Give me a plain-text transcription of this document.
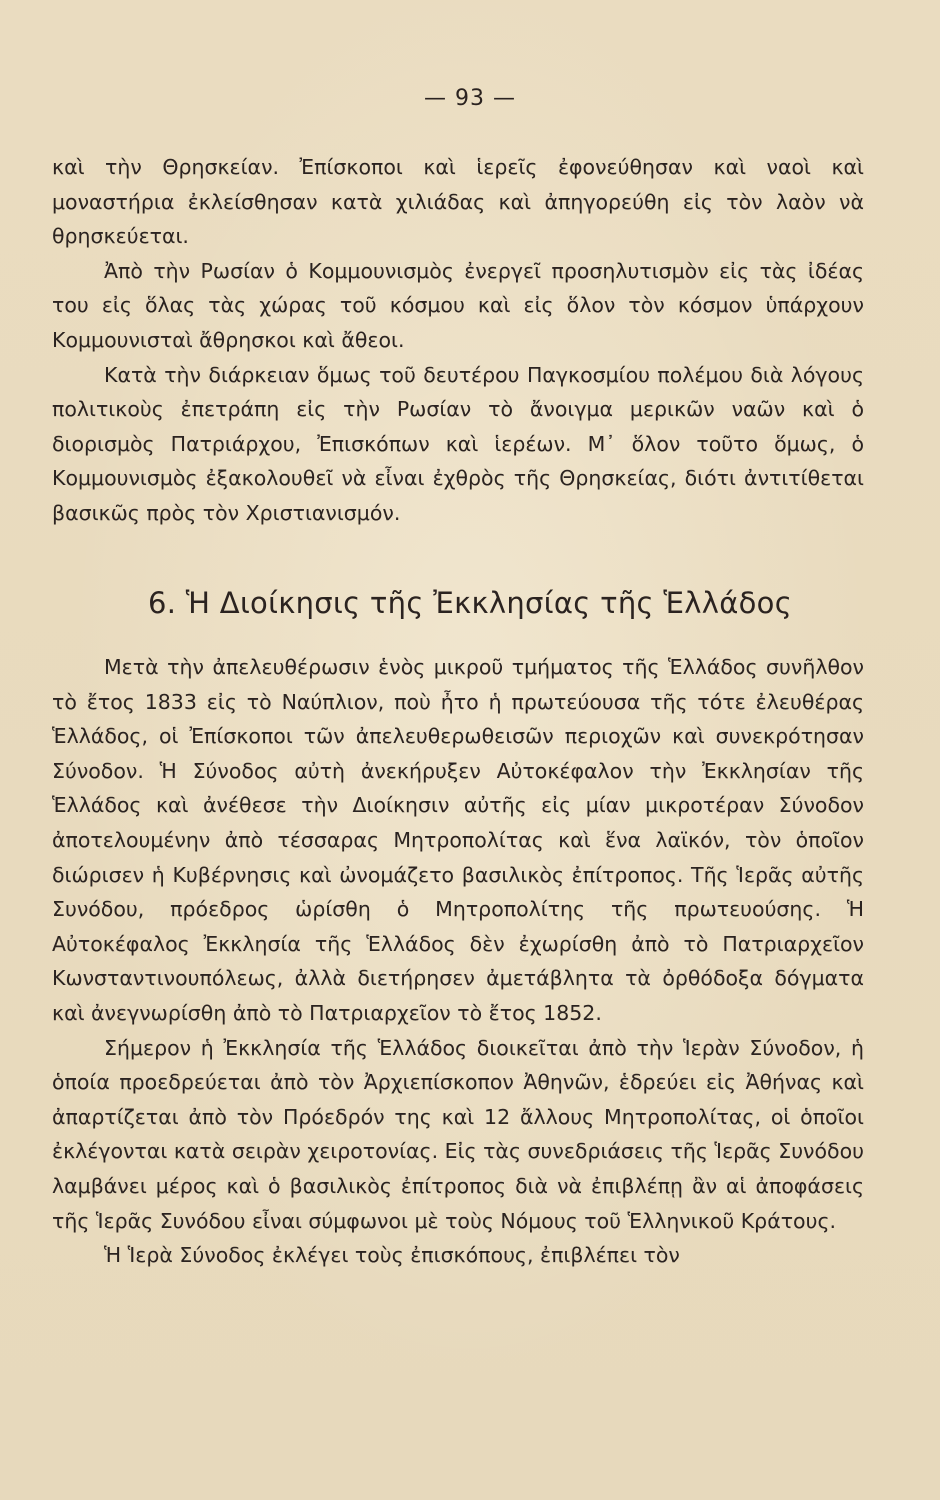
— 93 —

καὶ τὴν Θρησκείαν. Ἐπίσκοποι καὶ ἱερεῖς ἐφονεύθησαν καὶ ναοὶ καὶ μοναστήρια ἐκλείσθησαν κατὰ χιλιάδας καὶ ἀπηγορεύθη εἰς τὸν λαὸν νὰ θρησκεύεται.

Ἀπὸ τὴν Ρωσίαν ὁ Κομμουνισμὸς ἐνεργεῖ προσηλυτισμὸν εἰς τὰς ἰδέας του εἰς ὅλας τὰς χώρας τοῦ κόσμου καὶ εἰς ὅλον τὸν κόσμον ὑπάρχουν Κομμουνισταὶ ἄθρησκοι καὶ ἄθεοι.

Κατὰ τὴν διάρκειαν ὅμως τοῦ δευτέρου Παγκοσμίου πολέμου διὰ λόγους πολιτικοὺς ἐπετράπη εἰς τὴν Ρωσίαν τὸ ἄνοιγμα μερικῶν ναῶν καὶ ὁ διορισμὸς Πατριάρχου, Ἐπισκόπων καὶ ἱερέων. Μ᾿ ὅλον τοῦτο ὅμως, ὁ Κομμουνισμὸς ἐξακολουθεῖ νὰ εἶναι ἐχθρὸς τῆς Θρησκείας, διότι ἀντιτίθεται βασικῶς πρὸς τὸν Χριστιανισμόν.

6. Ἡ Διοίκησις τῆς Ἐκκλησίας τῆς Ἑλλάδος

Μετὰ τὴν ἀπελευθέρωσιν ἑνὸς μικροῦ τμήματος τῆς Ἑλλάδος συνῆλθον τὸ ἔτος 1833 εἰς τὸ Ναύπλιον, ποὺ ἦτο ἡ πρωτεύουσα τῆς τότε ἐλευθέρας Ἑλλάδος, οἱ Ἐπίσκοποι τῶν ἀπελευθερωθεισῶν περιοχῶν καὶ συνεκρότησαν Σύνοδον. Ἡ Σύνοδος αὐτὴ ἀνεκήρυξεν Αὐτοκέφαλον τὴν Ἐκκλησίαν τῆς Ἑλλάδος καὶ ἀνέθεσε τὴν Διοίκησιν αὐτῆς εἰς μίαν μικροτέραν Σύνοδον ἀποτελουμένην ἀπὸ τέσσαρας Μητροπολίτας καὶ ἕνα λαϊκόν, τὸν ὁποῖον διώρισεν ἡ Κυβέρνησις καὶ ὠνομάζετο βασιλικὸς ἐπίτροπος. Τῆς Ἱερᾶς αὐτῆς Συνόδου, πρόεδρος ὡρίσθη ὁ Μητροπολίτης τῆς πρωτευούσης. Ἡ Αὐτοκέφαλος Ἐκκλησία τῆς Ἑλλάδος δὲν ἐχωρίσθη ἀπὸ τὸ Πατριαρχεῖον Κωνσταντινουπόλεως, ἀλλὰ διετήρησεν ἀμετάβλητα τὰ ὀρθόδοξα δόγματα καὶ ἀνεγνωρίσθη ἀπὸ τὸ Πατριαρχεῖον τὸ ἔτος 1852.

Σήμερον ἡ Ἐκκλησία τῆς Ἑλλάδος διοικεῖται ἀπὸ τὴν Ἱερὰν Σύνοδον, ἡ ὁποία προεδρεύεται ἀπὸ τὸν Ἀρχιεπίσκοπον Ἀθηνῶν, ἑδρεύει εἰς Ἀθήνας καὶ ἀπαρτίζεται ἀπὸ τὸν Πρόεδρόν της καὶ 12 ἄλλους Μητροπολίτας, οἱ ὁποῖοι ἐκλέγονται κατὰ σειρὰν χειροτονίας. Εἰς τὰς συνεδριάσεις τῆς Ἱερᾶς Συνόδου λαμβάνει μέρος καὶ ὁ βασιλικὸς ἐπίτροπος διὰ νὰ ἐπιβλέπῃ ἂν αἱ ἀποφάσεις τῆς Ἱερᾶς Συνόδου εἶναι σύμφωνοι μὲ τοὺς Νόμους τοῦ Ἑλληνικοῦ Κράτους.

Ἡ Ἱερὰ Σύνοδος ἐκλέγει τοὺς ἐπισκόπους, ἐπιβλέπει τὸν
